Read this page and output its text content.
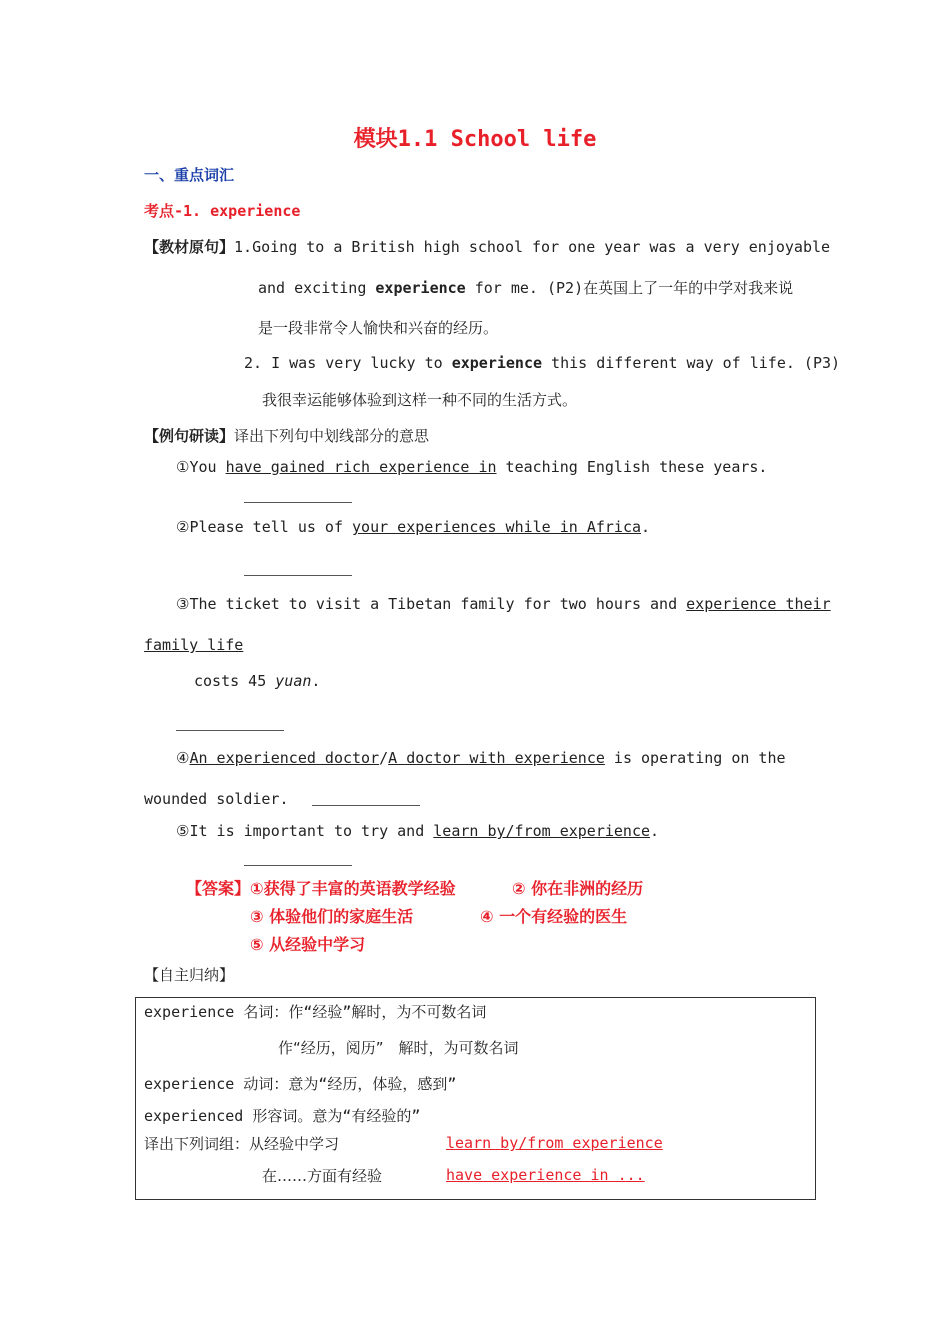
模块1.1 School life
一、重点词汇
考点-1. experience
【教材原句】1.Going to a British high school for one year was a very enjoyable
and exciting experience for me. (P2)在英国上了一年的中学对我来说
是一段非常令人愉快和兴奋的经历。
2. I was very lucky to experience this different way of life. (P3)
我很幸运能够体验到这样一种不同的生活方式。
【例句研读】译出下列句中划线部分的意思
①You have gained rich experience in teaching English these years.
②Please tell us of your experiences while in Africa.
③The ticket to visit a Tibetan family for two hours and experience their
family life
costs 45 yuan.
④An experienced doctor/A doctor with experience is operating on the
wounded soldier.
⑤It is important to try and learn by/from experience.
【答案】①获得了丰富的英语教学经验	② 你在非洲的经历
③ 体验他们的家庭生活	④ 一个有经验的医生
⑤ 从经验中学习
【自主归纳】
experience 名词：作“经验”解时，为不可数名词
作“经历，阅历”　解时，为可数名词
experience 动词：意为“经历，体验，感到”
experienced 形容词。意为“有经验的”
译出下列词组：从经验中学习	learn by/from experience
在……方面有经验	have experience in ...
